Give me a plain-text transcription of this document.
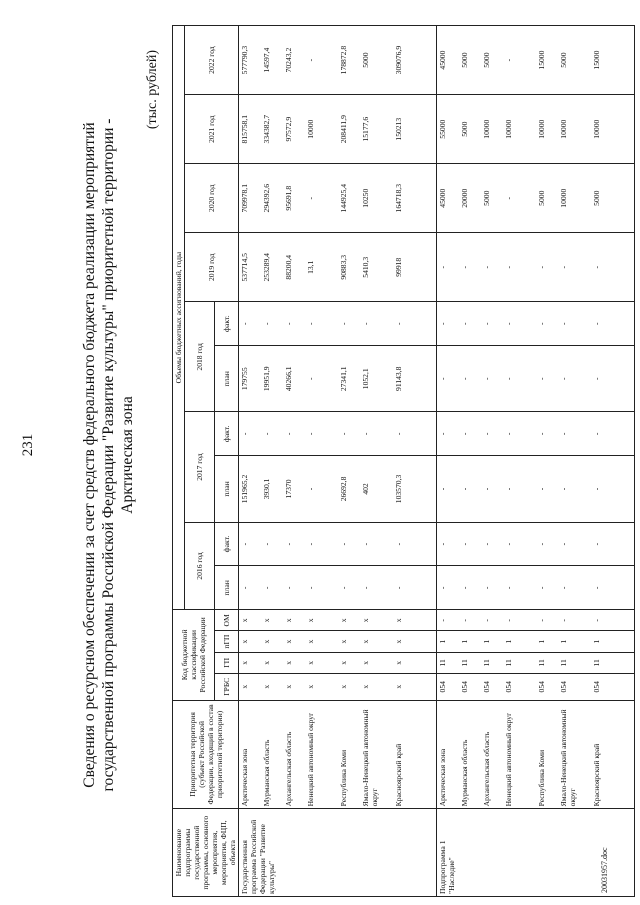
231	Сведения о ресурсном обеспечении за счет средств федерального бюджета реализации мероприятий государственной программы Российской Федерации "Развитие культуры" приоритетной территории - Арктическая зона
(тыс. рублей)
Наименование подпрограммы государственной программы, основного мероприятия, мероприятия, ФЦП, объекта	Приоритетная территория (субъект Российской Федерации, входящий в состав приоритетной территории)	Код бюджетной классификации Российской Федерации				Объемы бюджетных ассигнований, годы									
						2016 год		2017 год		2018 год		2019 год	2020 год	2021 год	2022 год
		ГРБС	ГП	пГП	ОМ	план	факт.	план	факт.	план	факт.				

Государственная программа Российской Федерации "Развитие культуры"	Арктическая зона	х	х	х	х	-	-	151965,2	-	179755	-	537714,5	709978,1	815758,1	577790,3
	Мурманская область	х	х	х	х	-	-	3930,1	-	19951,9	-	253289,4	294392,6	334382,7	14597,4
	Архангельская область	х	х	х	х	-	-	17370	-	40266,1	-	88200,4	95691,8	97572,9	70243,2
	Ненецкий автономный округ	х	х	х	х	-	-	-	-	-	-	13,1	-	10000	-
	Республика Коми	х	х	х	х	-	-	26692,8	-	27341,1	-	90883,3	144925,4	208411,9	178872,8
	Ямало-Ненецкий автономный округ	х	х	х	х	-	-	402	-	1052,1	-	5410,3	10250	15177,6	5000
	Красноярский край	х	х	х	х	-	-	103570,3	-	91143,8	-	99918	164718,3	150213	309076,9
Подпрограмма 1 "Наследие"	Арктическая зона	054	11	1	-	-	-	-	-	-	-	-	45000	55000	45000
	Мурманская область	054	11	1	-	-	-	-	-	-	-	-	20000	5000	5000
	Архангельская область	054	11	1	-	-	-	-	-	-	-	-	5000	10000	5000
	Ненецкий автономный округ	054	11	1	-	-	-	-	-	-	-	-	-	10000	-
	Республика Коми	054	11	1	-	-	-	-	-	-	-	-	5000	10000	15000
	Ямало-Ненецкий автономный округ	054	11	1	-	-	-	-	-	-	-	-	10000	10000	5000
	Красноярский край	054	11	1	-	-	-	-	-	-	-	-	5000	10000	15000
20031957.doc
